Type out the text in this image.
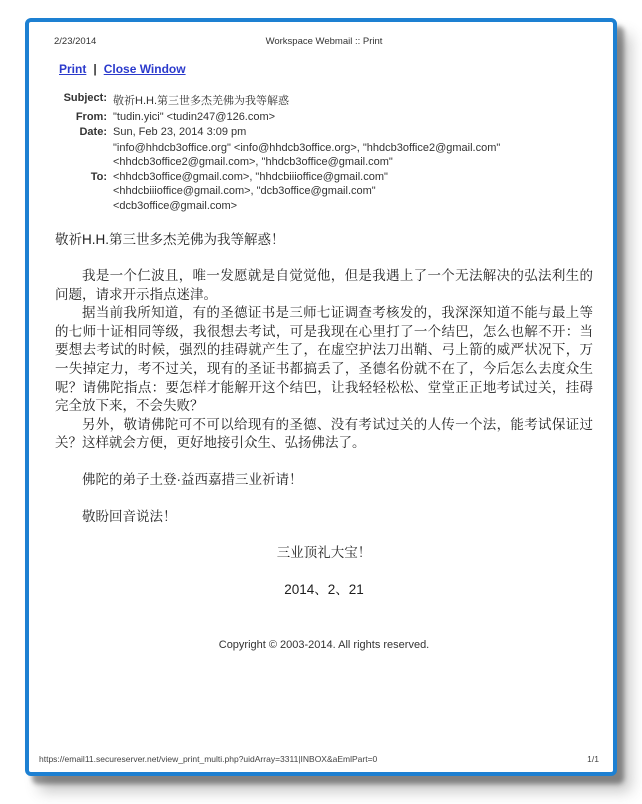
2/23/2014	Workspace Webmail :: Print
Print | Close Window
Subject:	敬祈H.H.第三世多杰羌佛为我等解惑
From:	"tudin.yici" <tudin247@126.com>
Date:	Sun, Feb 23, 2014 3:09 pm
To:	"info@hhdcb3office.org" <info@hhdcb3office.org>, "hhdcb3office2@gmail.com" <hhdcb3office2@gmail.com>, "hhdcb3office@gmail.com" <hhdcb3office@gmail.com>, "hhdcbiiioffice@gmail.com" <hhdcbiiioffice@gmail.com>, "dcb3office@gmail.com" <dcb3office@gmail.com>

敬祈H.H.第三世多杰羌佛为我等解惑！

我是一个仁波且，唯一发愿就是自觉觉他，但是我遇上了一个无法解决的弘法利生的问题，请求开示指点迷津。

据当前我所知道，有的圣德证书是三师七证调查考核发的，我深深知道不能与最上等的七师十证相同等级，我很想去考试，可是我现在心里打了一个结巴，怎么也解不开：当要想去考试的时候，强烈的挂碍就产生了，在虚空护法刀出鞘、弓上箭的威严状况下，万一失掉定力，考不过关，现有的圣证书都搞丢了，圣德名份就不在了，今后怎么去度众生呢？请佛陀指点：要怎样才能解开这个结巴，让我轻轻松松、堂堂正正地考试过关，挂碍完全放下来，不会失败？

另外，敬请佛陀可不可以给现有的圣德、没有考试过关的人传一个法，能考试保证过关？这样就会方便，更好地接引众生、弘扬佛法了。

佛陀的弟子土登·益西嘉措三业祈请！

敬盼回音说法！

三业顶礼大宝！

2014、2、21

Copyright © 2003-2014. All rights reserved.
https://email11.secureserver.net/view_print_multi.php?uidArray=3311|INBOX&aEmlPart=0	1/1
